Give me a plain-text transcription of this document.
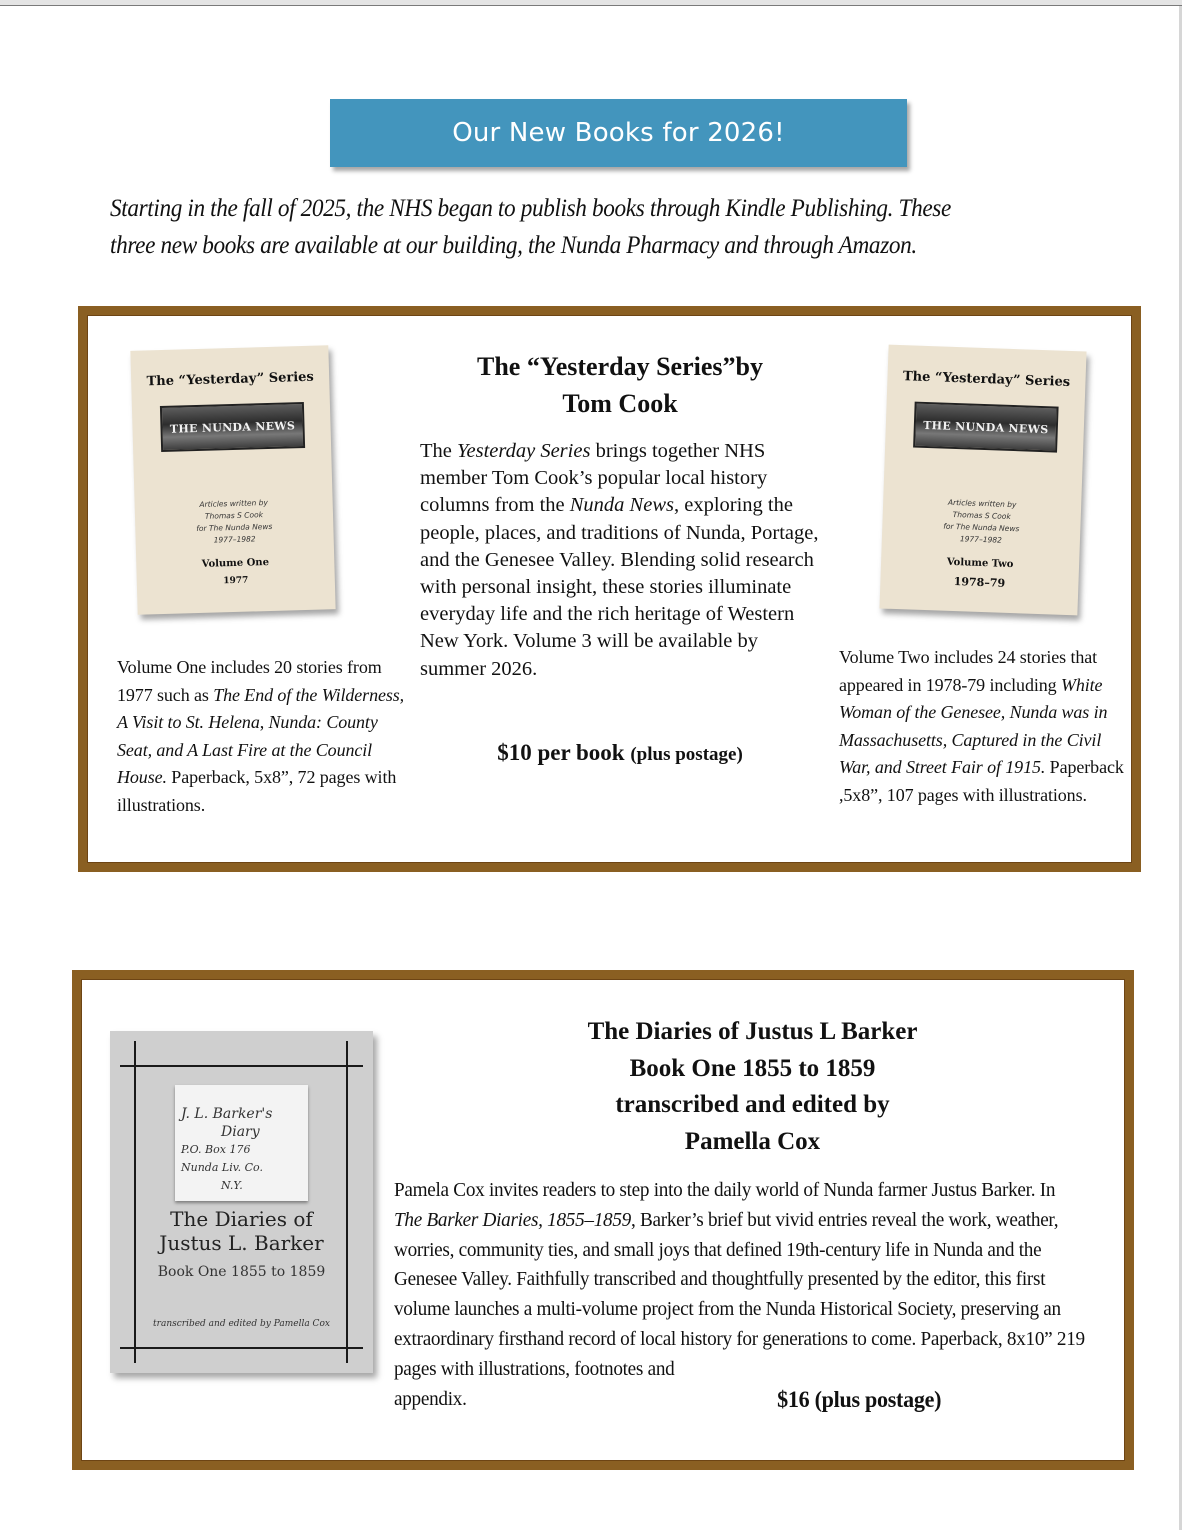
Our New Books for 2026!
Starting in the fall of 2025, the NHS began to publish books through Kindle Publishing. These
three new books are available at our building, the Nunda Pharmacy and through Amazon.
The “Yesterday” Series
THE NUNDA NEWS
Articles written by
Thomas S Cook
for The Nunda News
1977–1982
Volume One
1977
The “Yesterday” Series
THE NUNDA NEWS
Articles written by
Thomas S Cook
for The Nunda News
1977–1982
Volume Two
1978–79
The “Yesterday Series”by
Tom Cook
The Yesterday Series brings together NHS member Tom Cook’s popular local history columns from the Nunda News, exploring the people, places, and traditions of Nunda, Portage, and the Genesee Valley. Blending solid research with personal insight, these stories illuminate everyday life and the rich heritage of Western New York. Volume 3 will be available by summer 2026.
$10 per book (plus postage)
Volume One includes 20 stories from 1977 such as The End of the Wilderness, A Visit to St. Helena, Nunda: County Seat, and A Last Fire at the Council House. Paperback, 5x8”, 72 pages with illustrations.
Volume Two includes 24 stories that appeared in 1978-79 including White Woman of the Genesee, Nunda was in Massachusetts, Captured in the Civil War, and Street Fair of 1915. Paperback ,5x8”, 107 pages with illustrations.
J. L. Barker's
Diary
P.O. Box 176
Nunda Liv. Co.
N.Y.
The Diaries of
Justus L. Barker
Book One 1855 to 1859
transcribed and edited by Pamella Cox
The Diaries of Justus L Barker
Book One 1855 to 1859
transcribed and edited by
Pamella Cox
Pamela Cox invites readers to step into the daily world of Nunda farmer Justus Barker. In The Barker Diaries, 1855–1859, Barker’s brief but vivid entries reveal the work, weather, worries, community ties, and small joys that defined 19th-century life in Nunda and the Genesee Valley. Faithfully transcribed and thoughtfully presented by the editor, this first volume launches a multi-volume project from the Nunda Historical Society, preserving an extraordinary firsthand record of local history for generations to come. Paperback, 8x10” 219 pages with illustrations, footnotes and
appendix.	$16 (plus postage)
